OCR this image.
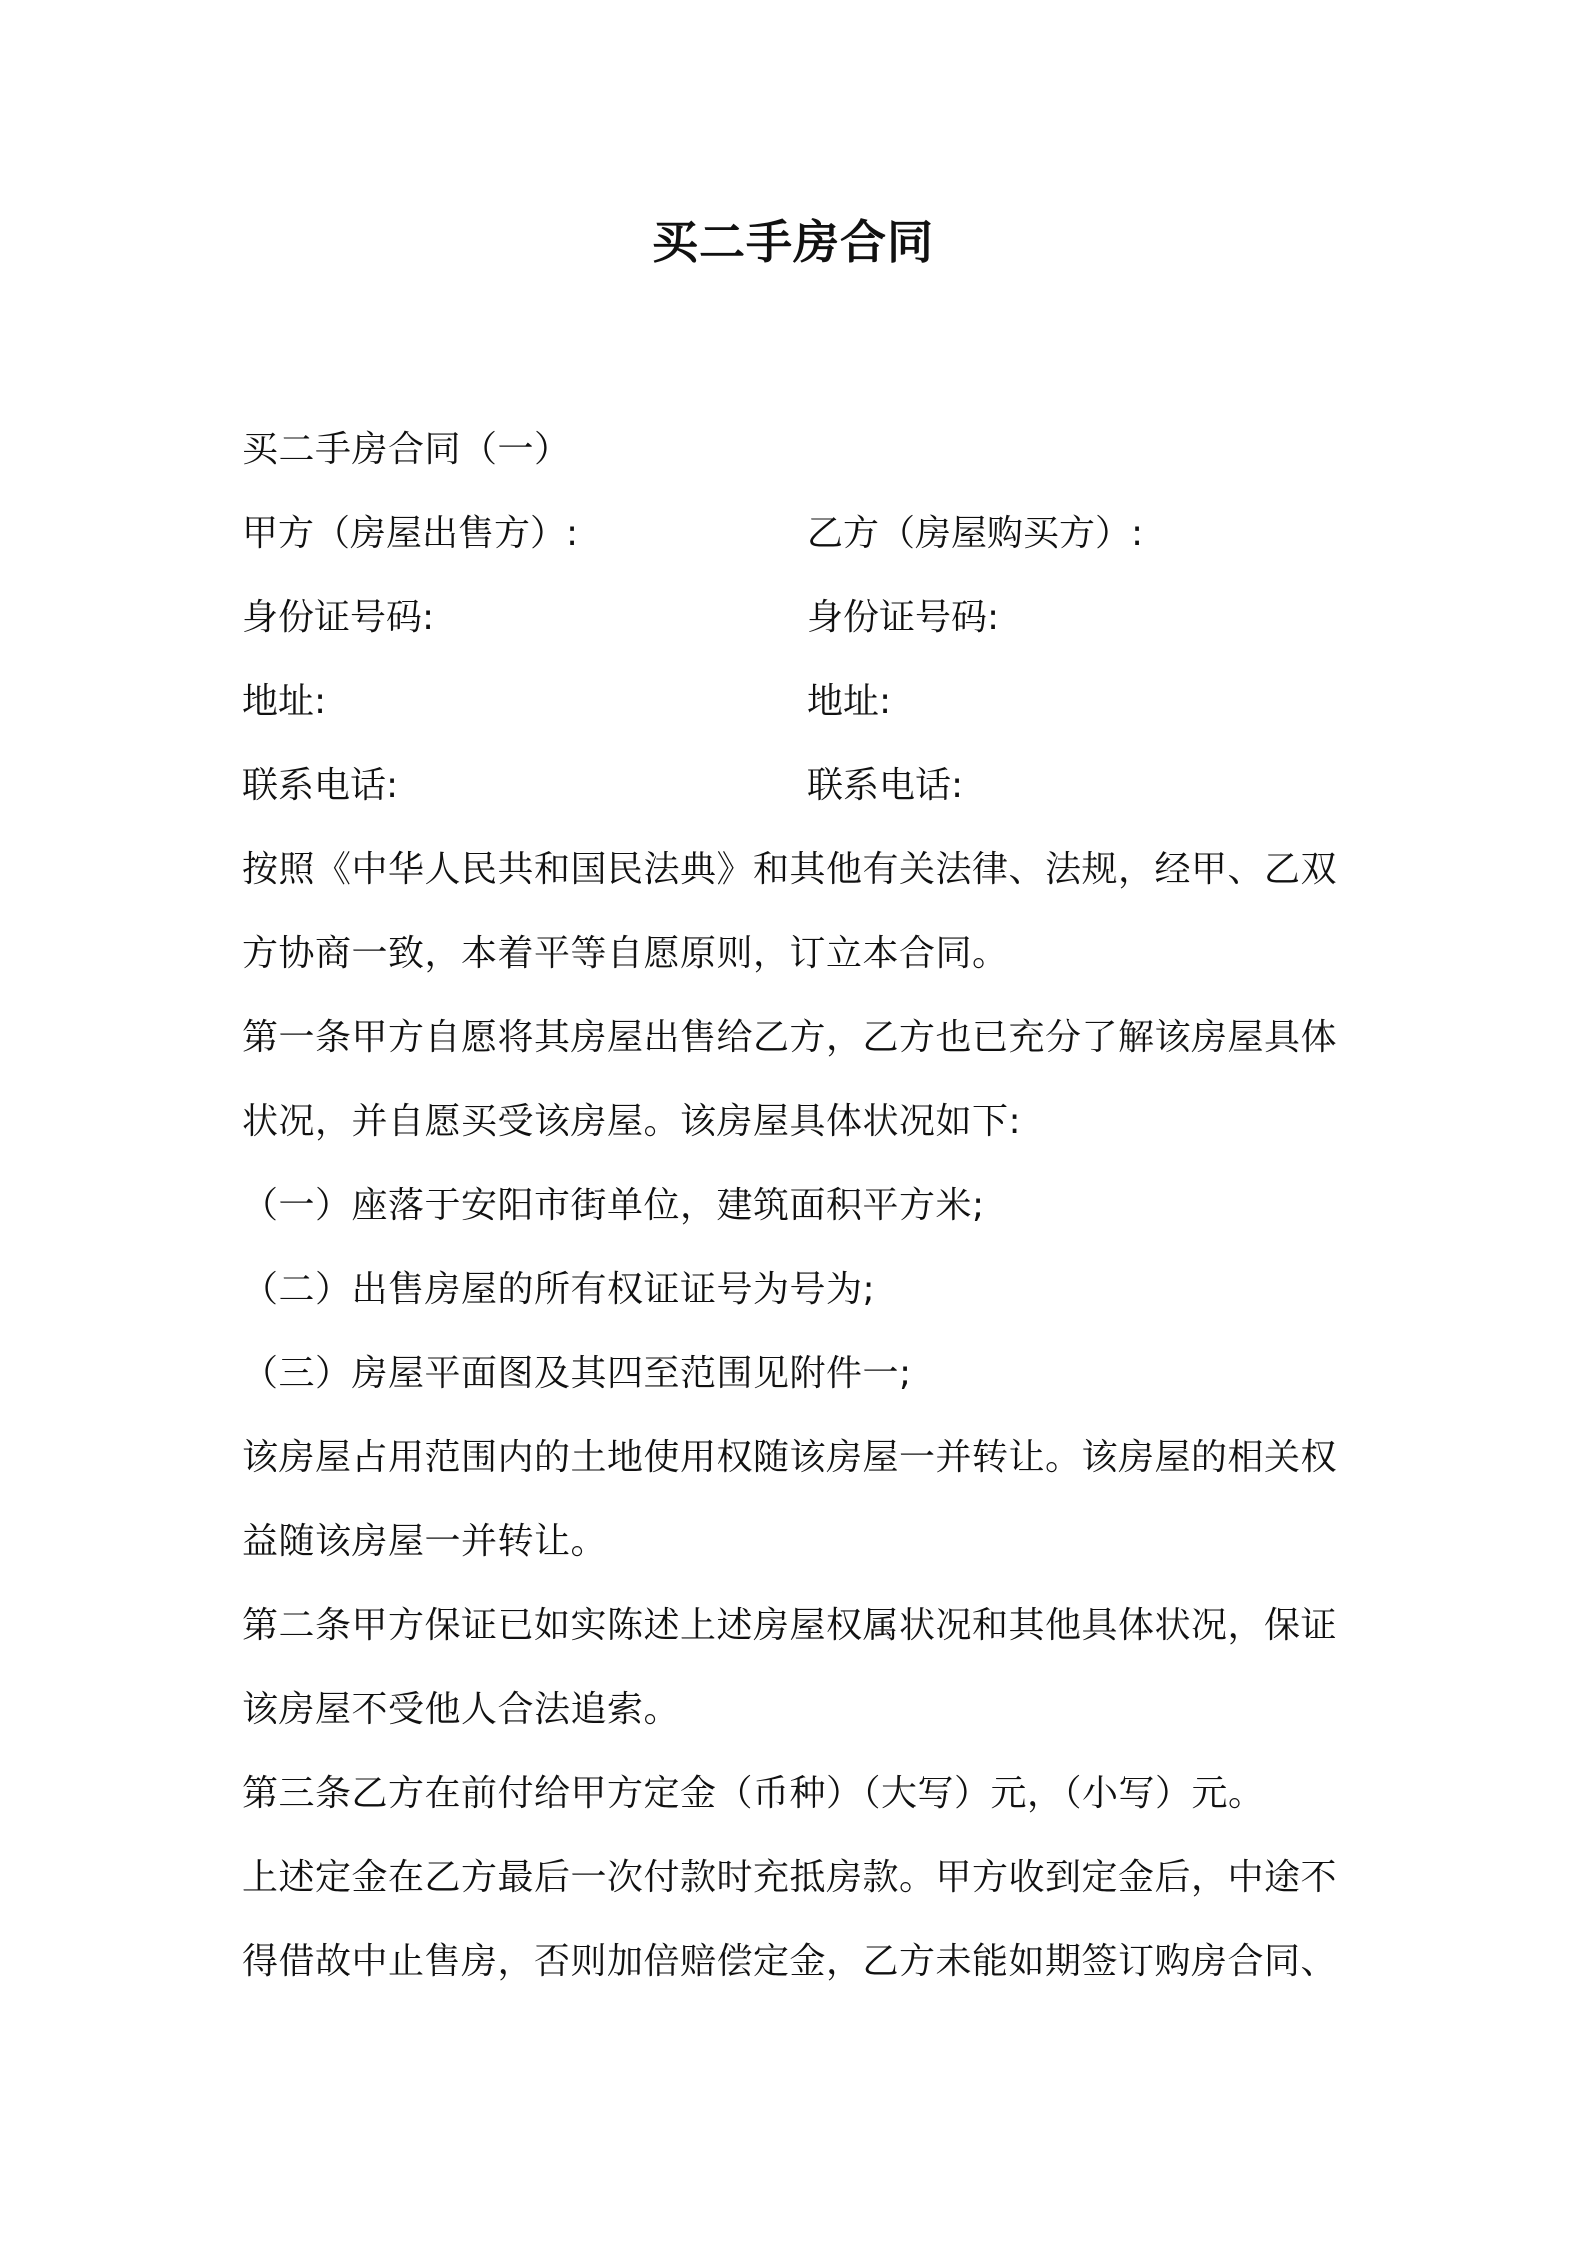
买二手房合同
买二手房合同（一）
甲方（房屋出售方）:	乙方（房屋购买方）:
身份证号码:	身份证号码:
地址:	地址:
联系电话:	联系电话:
按照《中华人民共和国民法典》和其他有关法律、法规，经甲、乙双
方协商一致，本着平等自愿原则，订立本合同。
第一条甲方自愿将其房屋出售给乙方，乙方也已充分了解该房屋具体
状况，并自愿买受该房屋。该房屋具体状况如下:
（一）座落于安阳市街单位，建筑面积平方米;
（二）出售房屋的所有权证证号为号为;
（三）房屋平面图及其四至范围见附件一;
该房屋占用范围内的土地使用权随该房屋一并转让。该房屋的相关权
益随该房屋一并转让。
第二条甲方保证已如实陈述上述房屋权属状况和其他具体状况，保证
该房屋不受他人合法追索。
第三条乙方在前付给甲方定金（币种）（大写）元，（小写）元。
上述定金在乙方最后一次付款时充抵房款。甲方收到定金后，中途不
得借故中止售房，否则加倍赔偿定金，乙方未能如期签订购房合同、
